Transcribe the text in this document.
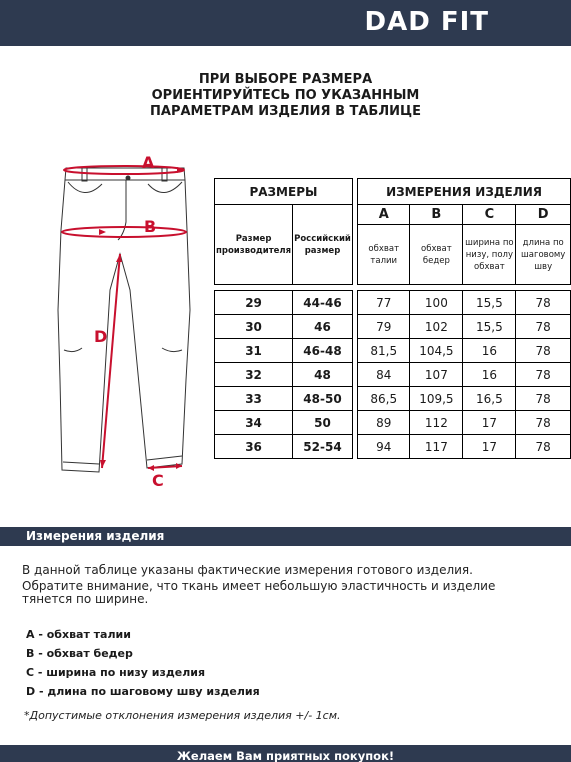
DAD FIT
ПРИ ВЫБОРЕ РАЗМЕРА
ОРИЕНТИРУЙТЕСЬ ПО УКАЗАННЫМ
ПАРАМЕТРАМ ИЗДЕЛИЯ В ТАБЛИЦЕ
A
B
D
C
РАЗМЕРЫ			ИЗМЕРЕНИЯ ИЗДЕЛИЯ			
Размер производителя	Российский размер		A	B	C	D
			обхват талии	обхват бедер	ширина по низу, полу обхват	длина по шаговому шву

29	44-46		77	100	15,5	78
30	46		79	102	15,5	78
31	46-48		81,5	104,5	16	78
32	48		84	107	16	78
33	48-50		86,5	109,5	16,5	78
34	50		89	112	17	78
36	52-54		94	117	17	78
Измерения изделия
В данной таблице указаны фактические измерения готового изделия.
Обратите внимание, что ткань имеет небольшую эластичность и изделие тянется по ширине.
A - обхват талии
B - обхват бедер
C - ширина по низу изделия
D - длина по шаговому шву изделия
*Допустимые отклонения измерения изделия +/- 1см.
Желаем Вам приятных покупок!
